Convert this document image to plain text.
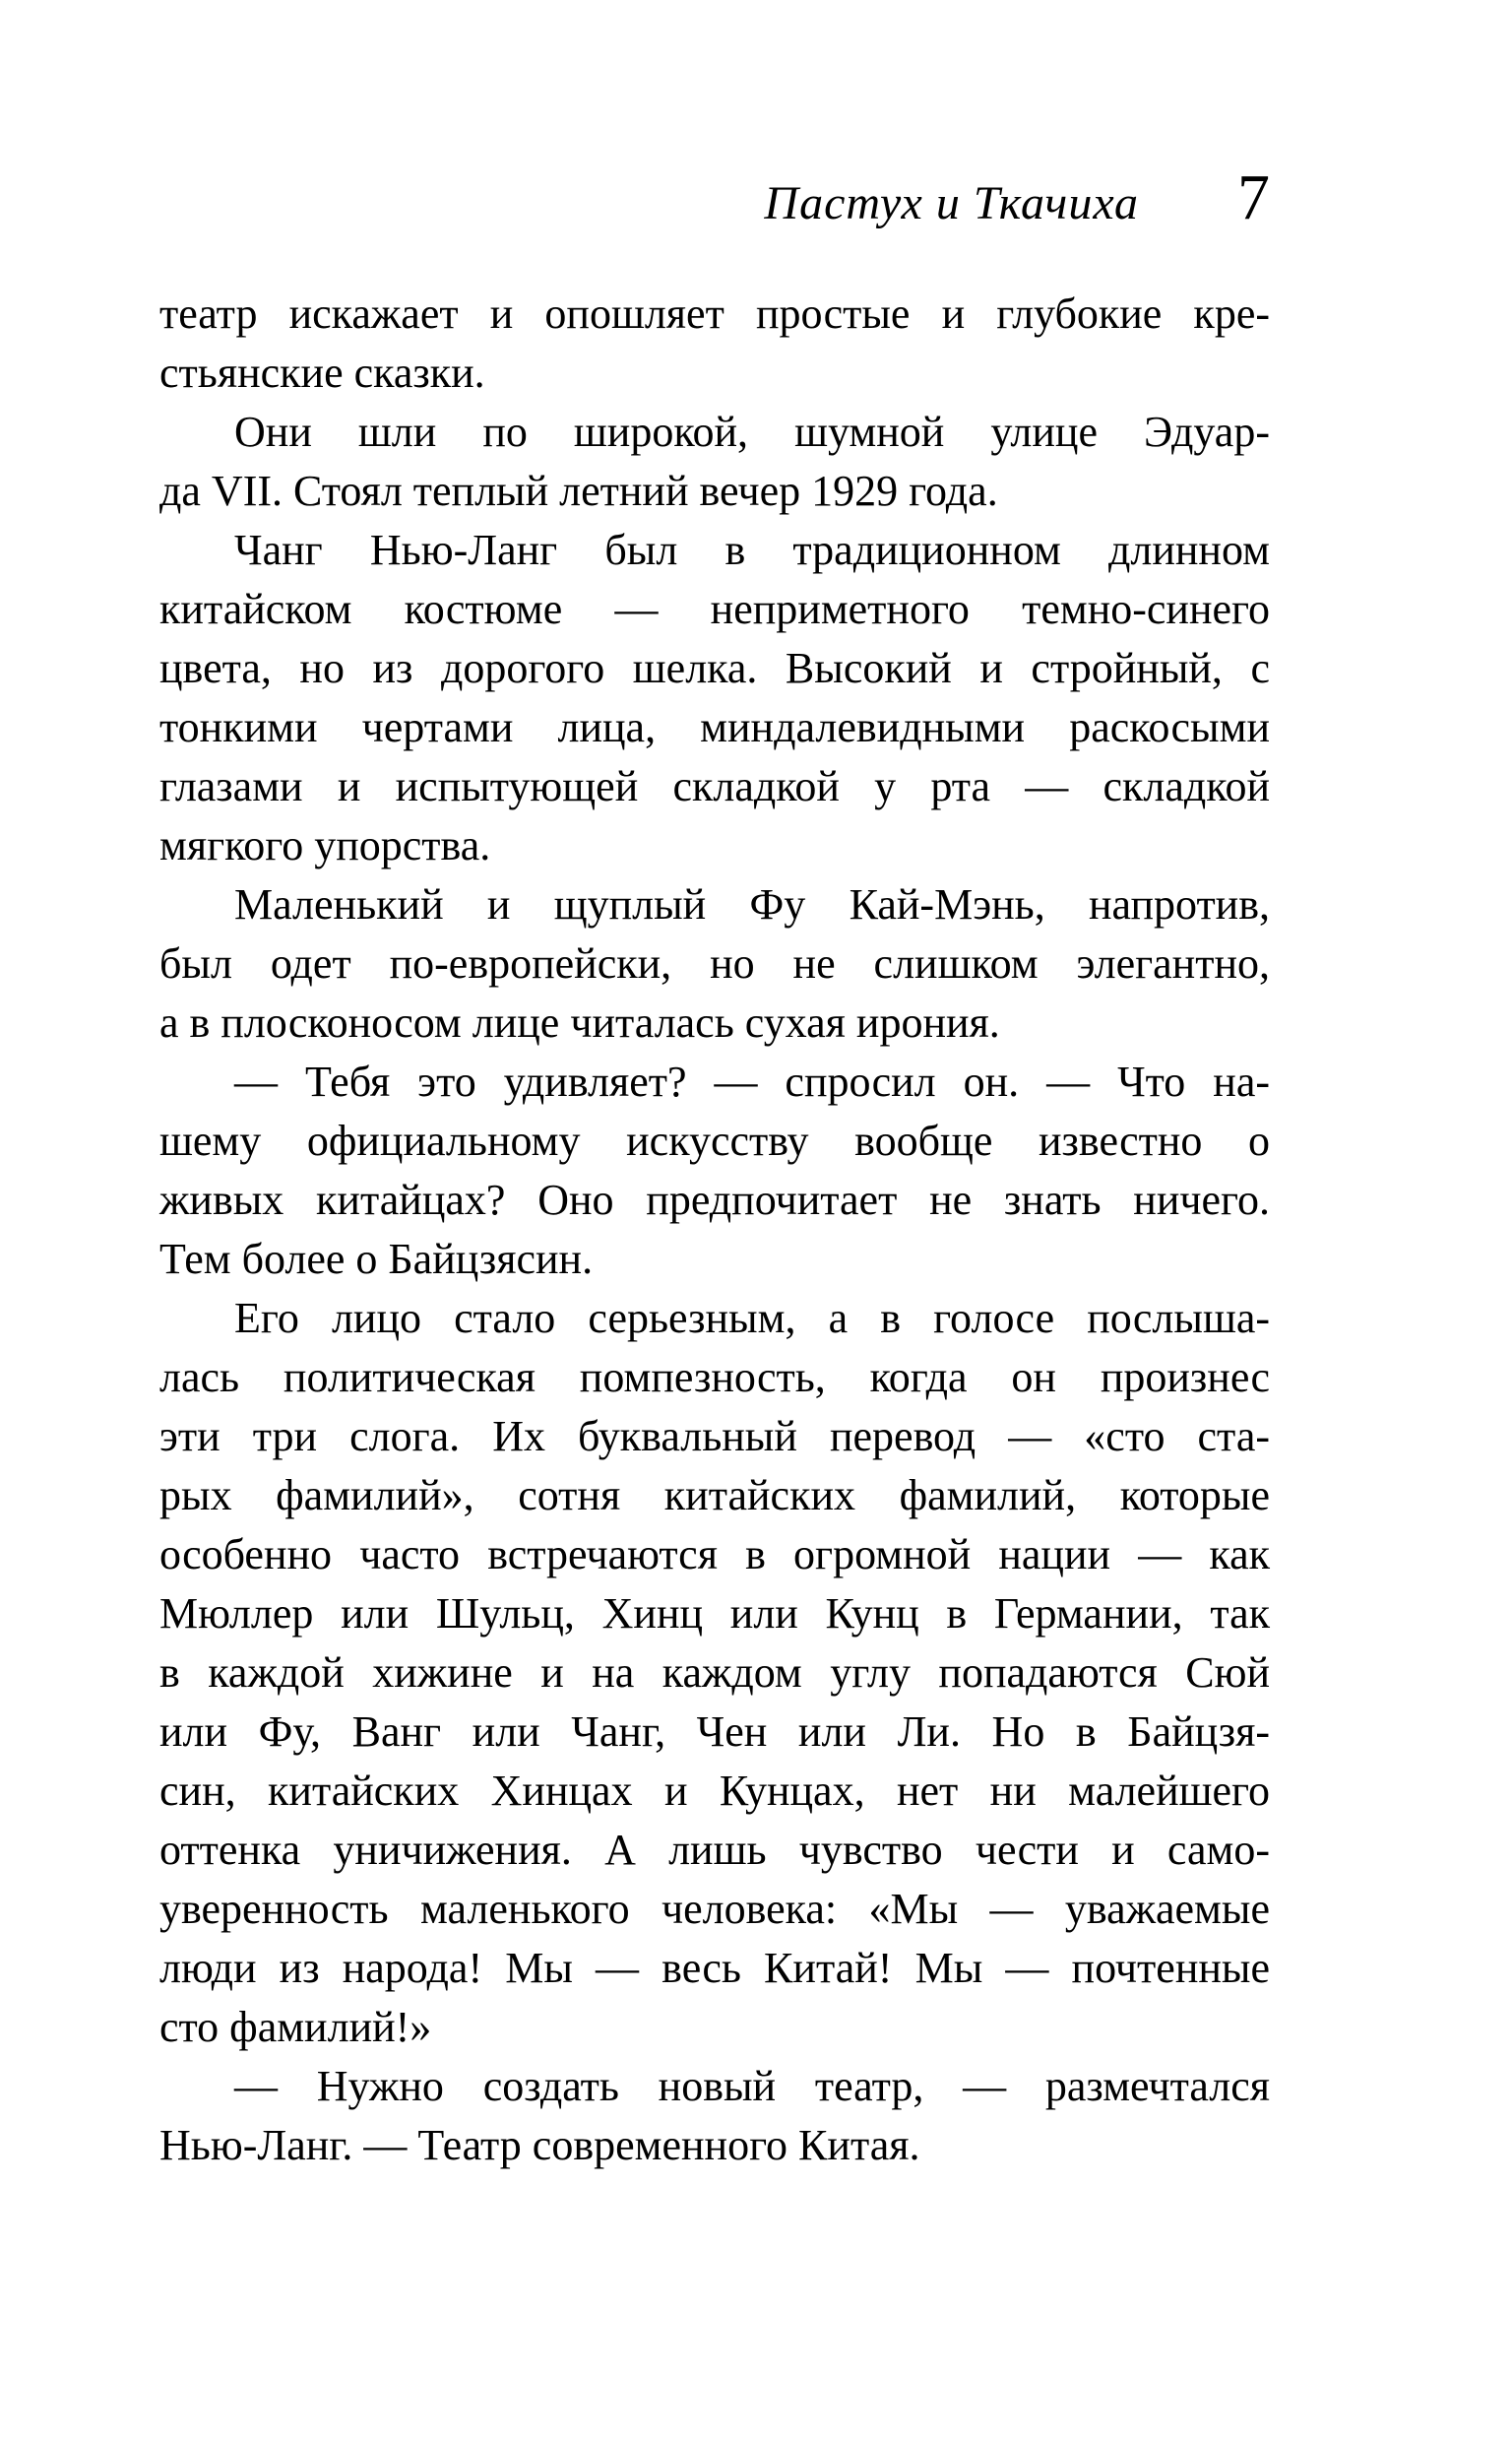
Пастух и Ткачиха 7
театр искажает и опошляет простые и глубокие кре-
стьянские сказки.
Они шли по широкой, шумной улице Эдуар-
да VII. Стоял теплый летний вечер 1929 года.
Чанг Нью-Ланг был в традиционном длинном
китайском костюме — неприметного темно-синего
цвета, но из дорогого шелка. Высокий и стройный, с
тонкими чертами лица, миндалевидными раскосыми
глазами и испытующей складкой у рта — складкой
мягкого упорства.
Маленький и щуплый Фу Кай-Мэнь, напротив,
был одет по-европейски, но не слишком элегантно,
а в плосконосом лице читалась сухая ирония.
— Тебя это удивляет? — спросил он. — Что на-
шему официальному искусству вообще известно о
живых китайцах? Оно предпочитает не знать ничего.
Тем более о Байцзясин.
Его лицо стало серьезным, а в голосе послыша-
лась политическая помпезность, когда он произнес
эти три слога. Их буквальный перевод — «сто ста-
рых фамилий», сотня китайских фамилий, которые
особенно часто встречаются в огромной нации — как
Мюллер или Шульц, Хинц или Кунц в Германии, так
в каждой хижине и на каждом углу попадаются Сюй
или Фу, Ванг или Чанг, Чен или Ли. Но в Байцзя-
син, китайских Хинцах и Кунцах, нет ни малейшего
оттенка уничижения. А лишь чувство чести и само-
уверенность маленького человека: «Мы — уважаемые
люди из народа! Мы — весь Китай! Мы — почтенные
сто фамилий!»
— Нужно создать новый театр, — размечтался
Нью-Ланг. — Театр современного Китая.
